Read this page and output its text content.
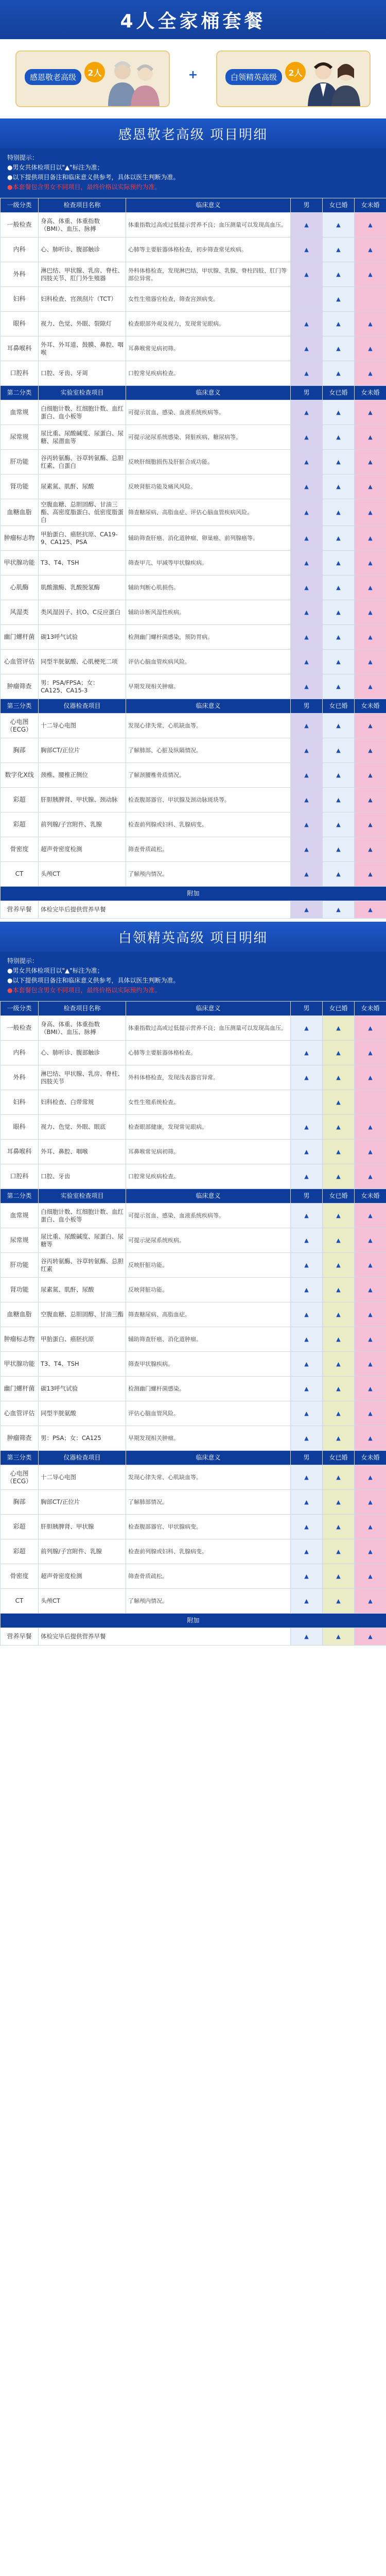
4人全家桶套餐
感恩敬老高级	2人	+	白领精英高级	2人
感恩敬老高级 项目明细
特别提示：
●男女共体检项目以"▲"标注为准；
●以下提供项目备注和临床意义供参考，具体以医生判断为准。
●本套餐包含男女不同项目，最终价格以实际预约为准。
一级分类	检查项目名称	临床意义	男	女已婚	女未婚
一般检查	身高、体重、体重指数（BMI）、血压、脉搏	体重指数过高或过低提示营养不良；血压测量可以发现高血压。	▲	▲	▲
内科	心、肺听诊、腹部触诊	心肺等主要脏器体格检查，初步筛查常见疾病。	▲	▲	▲
外科	淋巴结、甲状腺、乳房、脊柱、四肢关节、肛门外生殖器	外科体格检查，发现淋巴结、甲状腺、乳腺、脊柱四肢、肛门等部位异常。	▲	▲	▲
妇科	妇科检查、宫颈刮片（TCT）	女性生殖器官检查，筛查宫颈病变。		▲	
眼科	视力、色觉、外眼、裂隙灯	检查眼部外观及视力，发现常见眼病。	▲	▲	▲
耳鼻喉科	外耳、外耳道、鼓膜、鼻腔、咽喉	耳鼻喉常见病初筛。	▲	▲	▲
口腔科	口腔、牙齿、牙周	口腔常见疾病检查。	▲	▲	▲
第二分类	实验室检查项目	临床意义	男	女已婚	女未婚
血常规	白细胞计数、红细胞计数、血红蛋白、血小板等	可提示贫血、感染、血液系统疾病等。	▲	▲	▲
尿常规	尿比重、尿酸碱度、尿蛋白、尿糖、尿潜血等	可提示泌尿系统感染、肾脏疾病、糖尿病等。	▲	▲	▲
肝功能	谷丙转氨酶、谷草转氨酶、总胆红素、白蛋白	反映肝细胞损伤及肝脏合成功能。	▲	▲	▲
肾功能	尿素氮、肌酐、尿酸	反映肾脏功能及痛风风险。	▲	▲	▲
血糖血脂	空腹血糖、总胆固醇、甘油三酯、高密度脂蛋白、低密度脂蛋白	筛查糖尿病、高脂血症、评估心脑血管疾病风险。	▲	▲	▲
肿瘤标志物	甲胎蛋白、癌胚抗原、CA19-9、CA125、PSA	辅助筛查肝癌、消化道肿瘤、卵巢癌、前列腺癌等。	▲	▲	▲
甲状腺功能	T3、T4、TSH	筛查甲亢、甲减等甲状腺疾病。	▲	▲	▲
心肌酶	肌酸激酶、乳酸脱氢酶	辅助判断心肌损伤。	▲	▲	▲
风湿类	类风湿因子、抗O、C反应蛋白	辅助诊断风湿性疾病。	▲	▲	▲
幽门螺杆菌	碳13呼气试验	检测幽门螺杆菌感染，预防胃病。	▲	▲	▲
心血管评估	同型半胱氨酸、心肌梗死二项	评估心脑血管疾病风险。	▲	▲	▲
肿瘤筛查	男：PSA/FPSA；女：CA125、CA15-3	早期发现相关肿瘤。	▲	▲	▲
第三分类	仪器检查项目	临床意义	男	女已婚	女未婚
心电图（ECG）	十二导心电图	发现心律失常、心肌缺血等。	▲	▲	▲
胸部	胸部CT/正位片	了解肺部、心脏及纵隔情况。	▲	▲	▲
数字化X线	颈椎、腰椎正侧位	了解颈腰椎骨质情况。	▲	▲	▲
彩超	肝胆胰脾肾、甲状腺、颈动脉	检查腹部器官、甲状腺及颈动脉斑块等。	▲	▲	▲
彩超	前列腺/子宫附件、乳腺	检查前列腺或妇科、乳腺病变。	▲	▲	▲
骨密度	超声骨密度检测	筛查骨质疏松。	▲	▲	▲
CT	头颅CT	了解颅内情况。	▲	▲	▲
附加					
营养早餐	体检完毕后提供营养早餐		▲	▲	▲
白领精英高级 项目明细
特别提示：
●男女共体检项目以"▲"标注为准；
●以下提供项目备注和临床意义供参考，具体以医生判断为准。
●本套餐包含男女不同项目，最终价格以实际预约为准。
一级分类	检查项目名称	临床意义	男	女已婚	女未婚
一般检查	身高、体重、体重指数（BMI）、血压、脉搏	体重指数过高或过低提示营养不良；血压测量可以发现高血压。	▲	▲	▲
内科	心、肺听诊、腹部触诊	心肺等主要脏器体格检查。	▲	▲	▲
外科	淋巴结、甲状腺、乳房、脊柱、四肢关节	外科体格检查，发现浅表器官异常。	▲	▲	▲
妇科	妇科检查、白带常规	女性生殖系统检查。		▲	
眼科	视力、色觉、外眼、眼底	检查眼部健康，发现常见眼病。	▲	▲	▲
耳鼻喉科	外耳、鼻腔、咽喉	耳鼻喉常见病初筛。	▲	▲	▲
口腔科	口腔、牙齿	口腔常见疾病检查。	▲	▲	▲
第二分类	实验室检查项目	临床意义	男	女已婚	女未婚
血常规	白细胞计数、红细胞计数、血红蛋白、血小板等	可提示贫血、感染、血液系统疾病等。	▲	▲	▲
尿常规	尿比重、尿酸碱度、尿蛋白、尿糖等	可提示泌尿系统疾病。	▲	▲	▲
肝功能	谷丙转氨酶、谷草转氨酶、总胆红素	反映肝脏功能。	▲	▲	▲
肾功能	尿素氮、肌酐、尿酸	反映肾脏功能。	▲	▲	▲
血糖血脂	空腹血糖、总胆固醇、甘油三酯	筛查糖尿病、高脂血症。	▲	▲	▲
肿瘤标志物	甲胎蛋白、癌胚抗原	辅助筛查肝癌、消化道肿瘤。	▲	▲	▲
甲状腺功能	T3、T4、TSH	筛查甲状腺疾病。	▲	▲	▲
幽门螺杆菌	碳13呼气试验	检测幽门螺杆菌感染。	▲	▲	▲
心血管评估	同型半胱氨酸	评估心脑血管风险。	▲	▲	▲
肿瘤筛查	男：PSA；女：CA125	早期发现相关肿瘤。	▲	▲	▲
第三分类	仪器检查项目	临床意义	男	女已婚	女未婚
心电图（ECG）	十二导心电图	发现心律失常、心肌缺血等。	▲	▲	▲
胸部	胸部CT/正位片	了解肺部情况。	▲	▲	▲
彩超	肝胆胰脾肾、甲状腺	检查腹部器官、甲状腺病变。	▲	▲	▲
彩超	前列腺/子宫附件、乳腺	检查前列腺或妇科、乳腺病变。	▲	▲	▲
骨密度	超声骨密度检测	筛查骨质疏松。	▲	▲	▲
CT	头颅CT	了解颅内情况。	▲	▲	▲
附加					
营养早餐	体检完毕后提供营养早餐		▲	▲	▲
